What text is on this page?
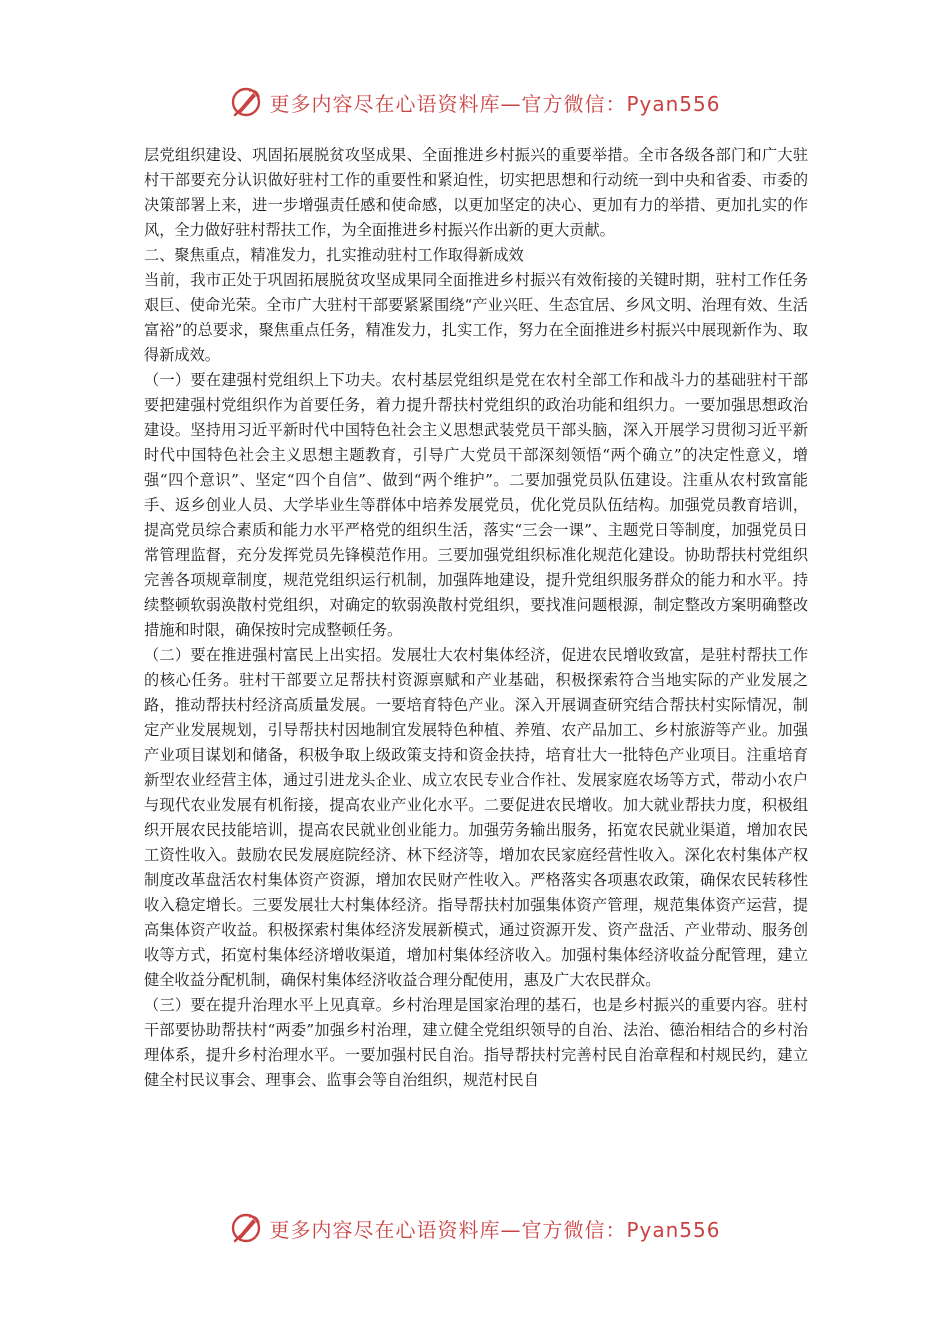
更多内容尽在心语资料库—官方微信：Pyan556

层党组织建设、巩固拓展脱贫攻坚成果、全面推进乡村振兴的重要举措。全市各级各部门和广大驻村干部要充分认识做好驻村工作的重要性和紧迫性，切实把思想和行动统一到中央和省委、市委的决策部署上来，进一步增强责任感和使命感，以更加坚定的决心、更加有力的举措、更加扎实的作风，全力做好驻村帮扶工作，为全面推进乡村振兴作出新的更大贡献。

二、聚焦重点，精准发力，扎实推动驻村工作取得新成效

当前，我市正处于巩固拓展脱贫攻坚成果同全面推进乡村振兴有效衔接的关键时期，驻村工作任务艰巨、使命光荣。全市广大驻村干部要紧紧围绕“产业兴旺、生态宜居、乡风文明、治理有效、生活富裕”的总要求，聚焦重点任务，精准发力，扎实工作，努力在全面推进乡村振兴中展现新作为、取得新成效。

（一）要在建强村党组织上下功夫。农村基层党组织是党在农村全部工作和战斗力的基础驻村干部要把建强村党组织作为首要任务，着力提升帮扶村党组织的政治功能和组织力。一要加强思想政治建设。坚持用习近平新时代中国特色社会主义思想武装党员干部头脑，深入开展学习贯彻习近平新时代中国特色社会主义思想主题教育，引导广大党员干部深刻领悟“两个确立”的决定性意义，增强“四个意识”、坚定“四个自信”、做到“两个维护”。二要加强党员队伍建设。注重从农村致富能手、返乡创业人员、大学毕业生等群体中培养发展党员，优化党员队伍结构。加强党员教育培训，提高党员综合素质和能力水平严格党的组织生活，落实“三会一课”、主题党日等制度，加强党员日常管理监督，充分发挥党员先锋模范作用。三要加强党组织标准化规范化建设。协助帮扶村党组织完善各项规章制度，规范党组织运行机制，加强阵地建设，提升党组织服务群众的能力和水平。持续整顿软弱涣散村党组织，对确定的软弱涣散村党组织，要找准问题根源，制定整改方案明确整改措施和时限，确保按时完成整顿任务。

（二）要在推进强村富民上出实招。发展壮大农村集体经济，促进农民增收致富，是驻村帮扶工作的核心任务。驻村干部要立足帮扶村资源禀赋和产业基础，积极探索符合当地实际的产业发展之路，推动帮扶村经济高质量发展。一要培育特色产业。深入开展调查研究结合帮扶村实际情况，制定产业发展规划，引导帮扶村因地制宜发展特色种植、养殖、农产品加工、乡村旅游等产业。加强产业项目谋划和储备，积极争取上级政策支持和资金扶持，培育壮大一批特色产业项目。注重培育新型农业经营主体，通过引进龙头企业、成立农民专业合作社、发展家庭农场等方式，带动小农户与现代农业发展有机衔接，提高农业产业化水平。二要促进农民增收。加大就业帮扶力度，积极组织开展农民技能培训，提高农民就业创业能力。加强劳务输出服务，拓宽农民就业渠道，增加农民工资性收入。鼓励农民发展庭院经济、林下经济等，增加农民家庭经营性收入。深化农村集体产权制度改革盘活农村集体资产资源，增加农民财产性收入。严格落实各项惠农政策，确保农民转移性收入稳定增长。三要发展壮大村集体经济。指导帮扶村加强集体资产管理，规范集体资产运营，提高集体资产收益。积极探索村集体经济发展新模式，通过资源开发、资产盘活、产业带动、服务创收等方式，拓宽村集体经济增收渠道，增加村集体经济收入。加强村集体经济收益分配管理，建立健全收益分配机制，确保村集体经济收益合理分配使用，惠及广大农民群众。

（三）要在提升治理水平上见真章。乡村治理是国家治理的基石，也是乡村振兴的重要内容。驻村干部要协助帮扶村“两委”加强乡村治理，建立健全党组织领导的自治、法治、德治相结合的乡村治理体系，提升乡村治理水平。一要加强村民自治。指导帮扶村完善村民自治章程和村规民约，建立健全村民议事会、理事会、监事会等自治组织，规范村民自

更多内容尽在心语资料库—官方微信：Pyan556
